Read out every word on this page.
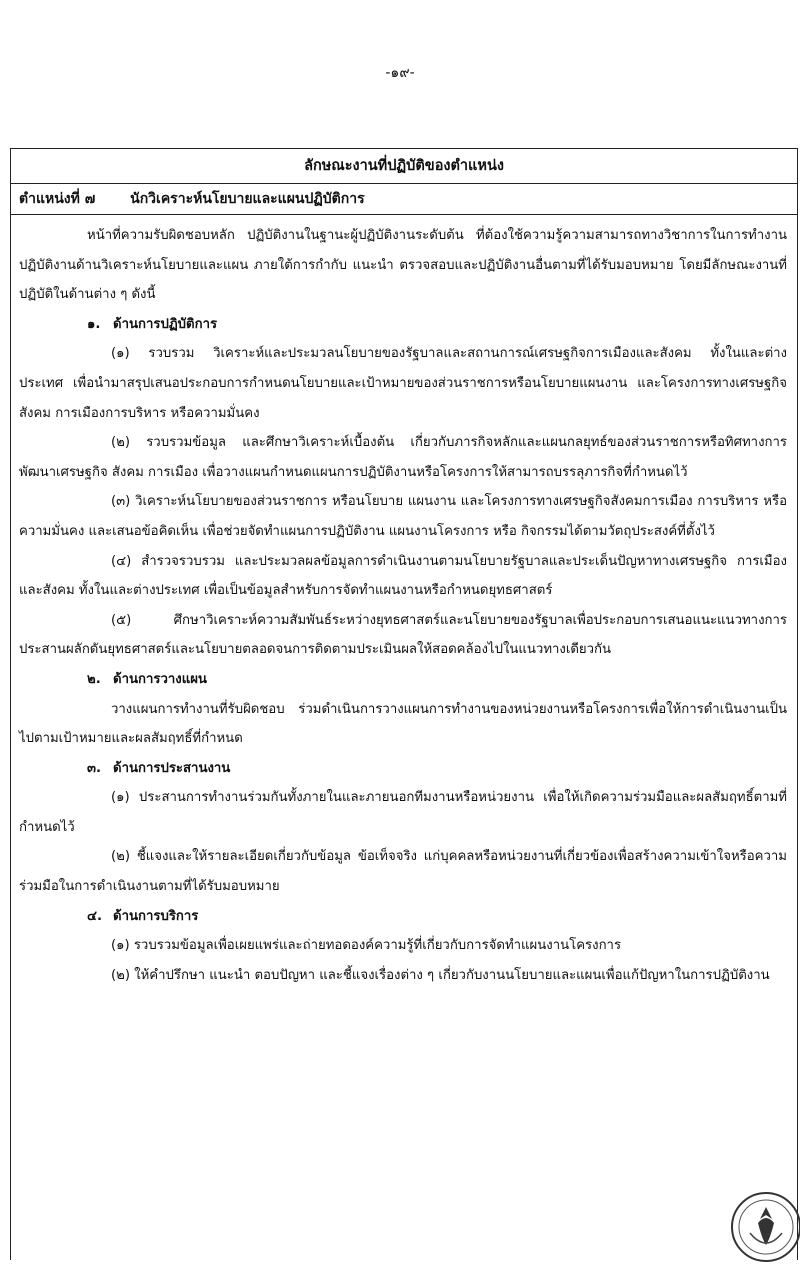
-๑๙-
ลักษณะงานที่ปฏิบัติของตำแหน่ง
ตำแหน่งที่ ๗ นักวิเคราะห์นโยบายและแผนปฏิบัติการ

หน้าที่ความรับผิดชอบหลัก ปฏิบัติงานในฐานะผู้ปฏิบัติงานระดับต้น ที่ต้องใช้ความรู้ความสามารถทางวิชาการในการทำงาน ปฏิบัติงานด้านวิเคราะห์นโยบายและแผน ภายใต้การกำกับ แนะนำ ตรวจสอบและปฏิบัติงานอื่นตามที่ได้รับมอบหมาย โดยมีลักษณะงานที่ปฏิบัติในด้านต่าง ๆ ดังนี้

๑. ด้านการปฏิบัติการ

(๑) รวบรวม วิเคราะห์และประมวลนโยบายของรัฐบาลและสถานการณ์เศรษฐกิจการเมืองและสังคม ทั้งในและต่างประเทศ เพื่อนำมาสรุปเสนอประกอบการกำหนดนโยบายและเป้าหมายของส่วนราชการหรือนโยบายแผนงาน และโครงการทางเศรษฐกิจสังคม การเมืองการบริหาร หรือความมั่นคง

(๒) รวบรวมข้อมูล และศึกษาวิเคราะห์เบื้องต้น เกี่ยวกับภารกิจหลักและแผนกลยุทธ์ของส่วนราชการหรือทิศทางการพัฒนาเศรษฐกิจ สังคม การเมือง เพื่อวางแผนกำหนดแผนการปฏิบัติงานหรือโครงการให้สามารถบรรลุภารกิจที่กำหนดไว้

(๓) วิเคราะห์นโยบายของส่วนราชการ หรือนโยบาย แผนงาน และโครงการทางเศรษฐกิจสังคมการเมือง การบริหาร หรือความมั่นคง และเสนอข้อคิดเห็น เพื่อช่วยจัดทำแผนการปฏิบัติงาน แผนงานโครงการ หรือ กิจกรรมได้ตามวัตถุประสงค์ที่ตั้งไว้

(๔) สำรวจรวบรวม และประมวลผลข้อมูลการดำเนินงานตามนโยบายรัฐบาลและประเด็นปัญหาทางเศรษฐกิจ การเมือง และสังคม ทั้งในและต่างประเทศ เพื่อเป็นข้อมูลสำหรับการจัดทำแผนงานหรือกำหนดยุทธศาสตร์

(๕) ศึกษาวิเคราะห์ความสัมพันธ์ระหว่างยุทธศาสตร์และนโยบายของรัฐบาลเพื่อประกอบการเสนอแนะแนวทางการประสานผลักดันยุทธศาสตร์และนโยบายตลอดจนการติดตามประเมินผลให้สอดคล้องไปในแนวทางเดียวกัน

๒. ด้านการวางแผน

วางแผนการทำงานที่รับผิดชอบ ร่วมดำเนินการวางแผนการทำงานของหน่วยงานหรือโครงการเพื่อให้การดำเนินงานเป็นไปตามเป้าหมายและผลสัมฤทธิ์ที่กำหนด

๓. ด้านการประสานงาน

(๑) ประสานการทำงานร่วมกันทั้งภายในและภายนอกทีมงานหรือหน่วยงาน เพื่อให้เกิดความร่วมมือและผลสัมฤทธิ์ตามที่กำหนดไว้

(๒) ชี้แจงและให้รายละเอียดเกี่ยวกับข้อมูล ข้อเท็จจริง แก่บุคคลหรือหน่วยงานที่เกี่ยวข้องเพื่อสร้างความเข้าใจหรือความร่วมมือในการดำเนินงานตามที่ได้รับมอบหมาย

๔. ด้านการบริการ

(๑) รวบรวมข้อมูลเพื่อเผยแพร่และถ่ายทอดองค์ความรู้ที่เกี่ยวกับการจัดทำแผนงานโครงการ

(๒) ให้คำปรึกษา แนะนำ ตอบปัญหา และชี้แจงเรื่องต่าง ๆ เกี่ยวกับงานนโยบายและแผนเพื่อแก้ปัญหาในการปฏิบัติงาน
